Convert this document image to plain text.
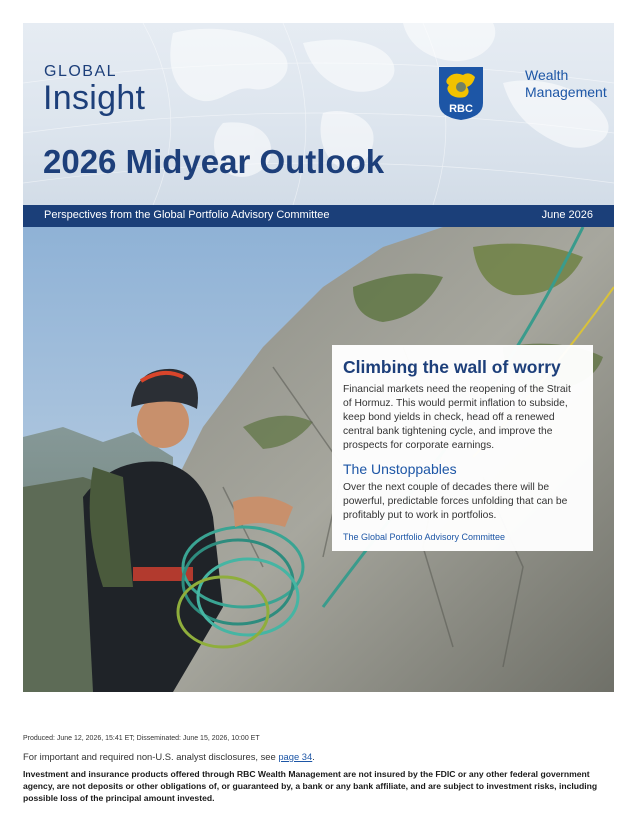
GLOBAL
Insight
2026 Midyear Outlook
RBC
Wealth
Management
Perspectives from the Global Portfolio Advisory Committee	June 2026
Climbing the wall of worry

Financial markets need the reopening of the Strait of Hormuz. This would permit inflation to subside, keep bond yields in check, head off a renewed central bank tightening cycle, and improve the prospects for corporate earnings.

The Unstoppables

Over the next couple of decades there will be powerful, predictable forces unfolding that can be profitably put to work in portfolios.

The Global Portfolio Advisory Committee
Produced: June 12, 2026, 15:41 ET; Disseminated: June 15, 2026, 10:00 ET
For important and required non-U.S. analyst disclosures, see page 34.
Investment and insurance products offered through RBC Wealth Management are not insured by the FDIC or any other federal government agency, are not deposits or other obligations of, or guaranteed by, a bank or any bank affiliate, and are subject to investment risks, including possible loss of the principal amount invested.
